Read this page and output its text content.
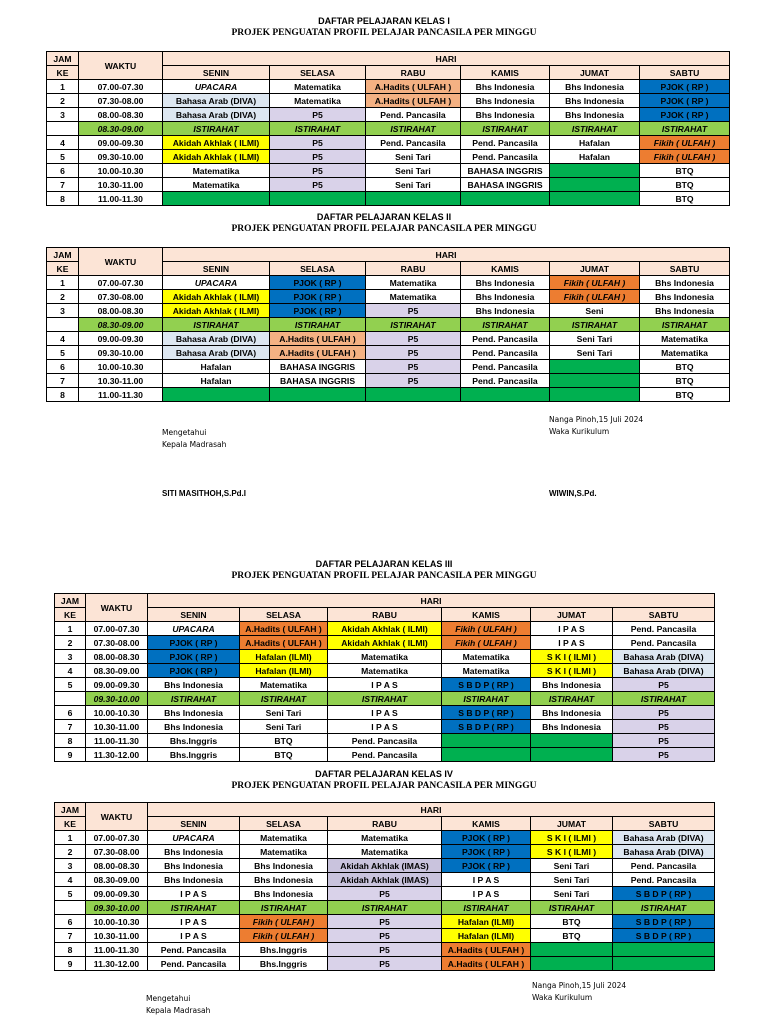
DAFTAR PELAJARAN KELAS I
PROJEK PENGUATAN PROFIL PELAJAR PANCASILA PER MINGGU
JAM	WAKTU	HARI					
KE		SENIN	SELASA	RABU	KAMIS	JUMAT	SABTU
1	07.00-07.30	UPACARA	Matematika	A.Hadits ( ULFAH )	Bhs Indonesia	Bhs Indonesia	PJOK ( RP )
2	07.30-08.00	Bahasa Arab (DIVA)	Matematika	A.Hadits ( ULFAH )	Bhs Indonesia	Bhs Indonesia	PJOK ( RP )
3	08.00-08.30	Bahasa Arab (DIVA)	P5	Pend. Pancasila	Bhs Indonesia	Bhs Indonesia	PJOK ( RP )
	08.30-09.00	ISTIRAHAT	ISTIRAHAT	ISTIRAHAT	ISTIRAHAT	ISTIRAHAT	ISTIRAHAT
4	09.00-09.30	Akidah Akhlak ( ILMI)	P5	Pend. Pancasila	Pend. Pancasila	Hafalan	Fikih ( ULFAH )
5	09.30-10.00	Akidah Akhlak ( ILMI)	P5	Seni Tari	Pend. Pancasila	Hafalan	Fikih ( ULFAH )
6	10.00-10.30	Matematika	P5	Seni Tari	BAHASA INGGRIS		BTQ
7	10.30-11.00	Matematika	P5	Seni Tari	BAHASA INGGRIS		BTQ
8	11.00-11.30						BTQ
DAFTAR PELAJARAN KELAS II
PROJEK PENGUATAN PROFIL PELAJAR PANCASILA PER MINGGU
JAM	WAKTU	HARI					
KE		SENIN	SELASA	RABU	KAMIS	JUMAT	SABTU
1	07.00-07.30	UPACARA	PJOK ( RP )	Matematika	Bhs Indonesia	Fikih ( ULFAH )	Bhs Indonesia
2	07.30-08.00	Akidah Akhlak ( ILMI)	PJOK ( RP )	Matematika	Bhs Indonesia	Fikih ( ULFAH )	Bhs Indonesia
3	08.00-08.30	Akidah Akhlak ( ILMI)	PJOK ( RP )	P5	Bhs Indonesia	Seni	Bhs Indonesia
	08.30-09.00	ISTIRAHAT	ISTIRAHAT	ISTIRAHAT	ISTIRAHAT	ISTIRAHAT	ISTIRAHAT
4	09.00-09.30	Bahasa Arab (DIVA)	A.Hadits ( ULFAH )	P5	Pend. Pancasila	Seni Tari	Matematika
5	09.30-10.00	Bahasa Arab (DIVA)	A.Hadits ( ULFAH )	P5	Pend. Pancasila	Seni Tari	Matematika
6	10.00-10.30	Hafalan	BAHASA INGGRIS	P5	Pend. Pancasila		BTQ
7	10.30-11.00	Hafalan	BAHASA INGGRIS	P5	Pend. Pancasila		BTQ
8	11.00-11.30						BTQ
Nanga Pinoh,15 Juli 2024
Waka Kurikulum
Mengetahui
Kepala Madrasah
SITI MASITHOH,S.Pd.I	WIWIN,S.Pd.
DAFTAR PELAJARAN KELAS III
PROJEK PENGUATAN PROFIL PELAJAR PANCASILA PER MINGGU
JAM	WAKTU	HARI					
KE		SENIN	SELASA	RABU	KAMIS	JUMAT	SABTU
1	07.00-07.30	UPACARA	A.Hadits ( ULFAH )	Akidah Akhlak ( ILMI)	Fikih ( ULFAH )	I P A S	Pend. Pancasila
2	07.30-08.00	PJOK ( RP )	A.Hadits ( ULFAH )	Akidah Akhlak ( ILMI)	Fikih ( ULFAH )	I P A S	Pend. Pancasila
3	08.00-08.30	PJOK ( RP )	Hafalan (ILMI)	Matematika	Matematika	S K I ( ILMI )	Bahasa Arab (DIVA)
4	08.30-09.00	PJOK ( RP )	Hafalan (ILMI)	Matematika	Matematika	S K I ( ILMI )	Bahasa Arab (DIVA)
5	09.00-09.30	Bhs Indonesia	Matematika	I P A S	S B D P ( RP )	Bhs Indonesia	P5
	09.30-10.00	ISTIRAHAT	ISTIRAHAT	ISTIRAHAT	ISTIRAHAT	ISTIRAHAT	ISTIRAHAT
6	10.00-10.30	Bhs Indonesia	Seni Tari	I P A S	S B D P ( RP )	Bhs Indonesia	P5
7	10.30-11.00	Bhs Indonesia	Seni Tari	I P A S	S B D P ( RP )	Bhs Indonesia	P5
8	11.00-11.30	Bhs.Inggris	BTQ	Pend. Pancasila			P5
9	11.30-12.00	Bhs.Inggris	BTQ	Pend. Pancasila			P5
DAFTAR PELAJARAN KELAS IV
PROJEK PENGUATAN PROFIL PELAJAR PANCASILA PER MINGGU
JAM	WAKTU	HARI					
KE		SENIN	SELASA	RABU	KAMIS	JUMAT	SABTU
1	07.00-07.30	UPACARA	Matematika	Matematika	PJOK ( RP )	S K I ( ILMI )	Bahasa Arab (DIVA)
2	07.30-08.00	Bhs Indonesia	Matematika	Matematika	PJOK ( RP )	S K I ( ILMI )	Bahasa Arab (DIVA)
3	08.00-08.30	Bhs Indonesia	Bhs Indonesia	Akidah Akhlak (IMAS)	PJOK ( RP )	Seni Tari	Pend. Pancasila
4	08.30-09.00	Bhs Indonesia	Bhs Indonesia	Akidah Akhlak (IMAS)	I P A S	Seni Tari	Pend. Pancasila
5	09.00-09.30	I P A S	Bhs Indonesia	P5	I P A S	Seni Tari	S B D P ( RP )
	09.30-10.00	ISTIRAHAT	ISTIRAHAT	ISTIRAHAT	ISTIRAHAT	ISTIRAHAT	ISTIRAHAT
6	10.00-10.30	I P A S	Fikih ( ULFAH )	P5	Hafalan (ILMI)	BTQ	S B D P ( RP )
7	10.30-11.00	I P A S	Fikih ( ULFAH )	P5	Hafalan (ILMI)	BTQ	S B D P ( RP )
8	11.00-11.30	Pend. Pancasila	Bhs.Inggris	P5	A.Hadits ( ULFAH )		
9	11.30-12.00	Pend. Pancasila	Bhs.Inggris	P5	A.Hadits ( ULFAH )		
Nanga Pinoh,15 Juli 2024
Waka Kurikulum
Mengetahui
Kepala Madrasah
